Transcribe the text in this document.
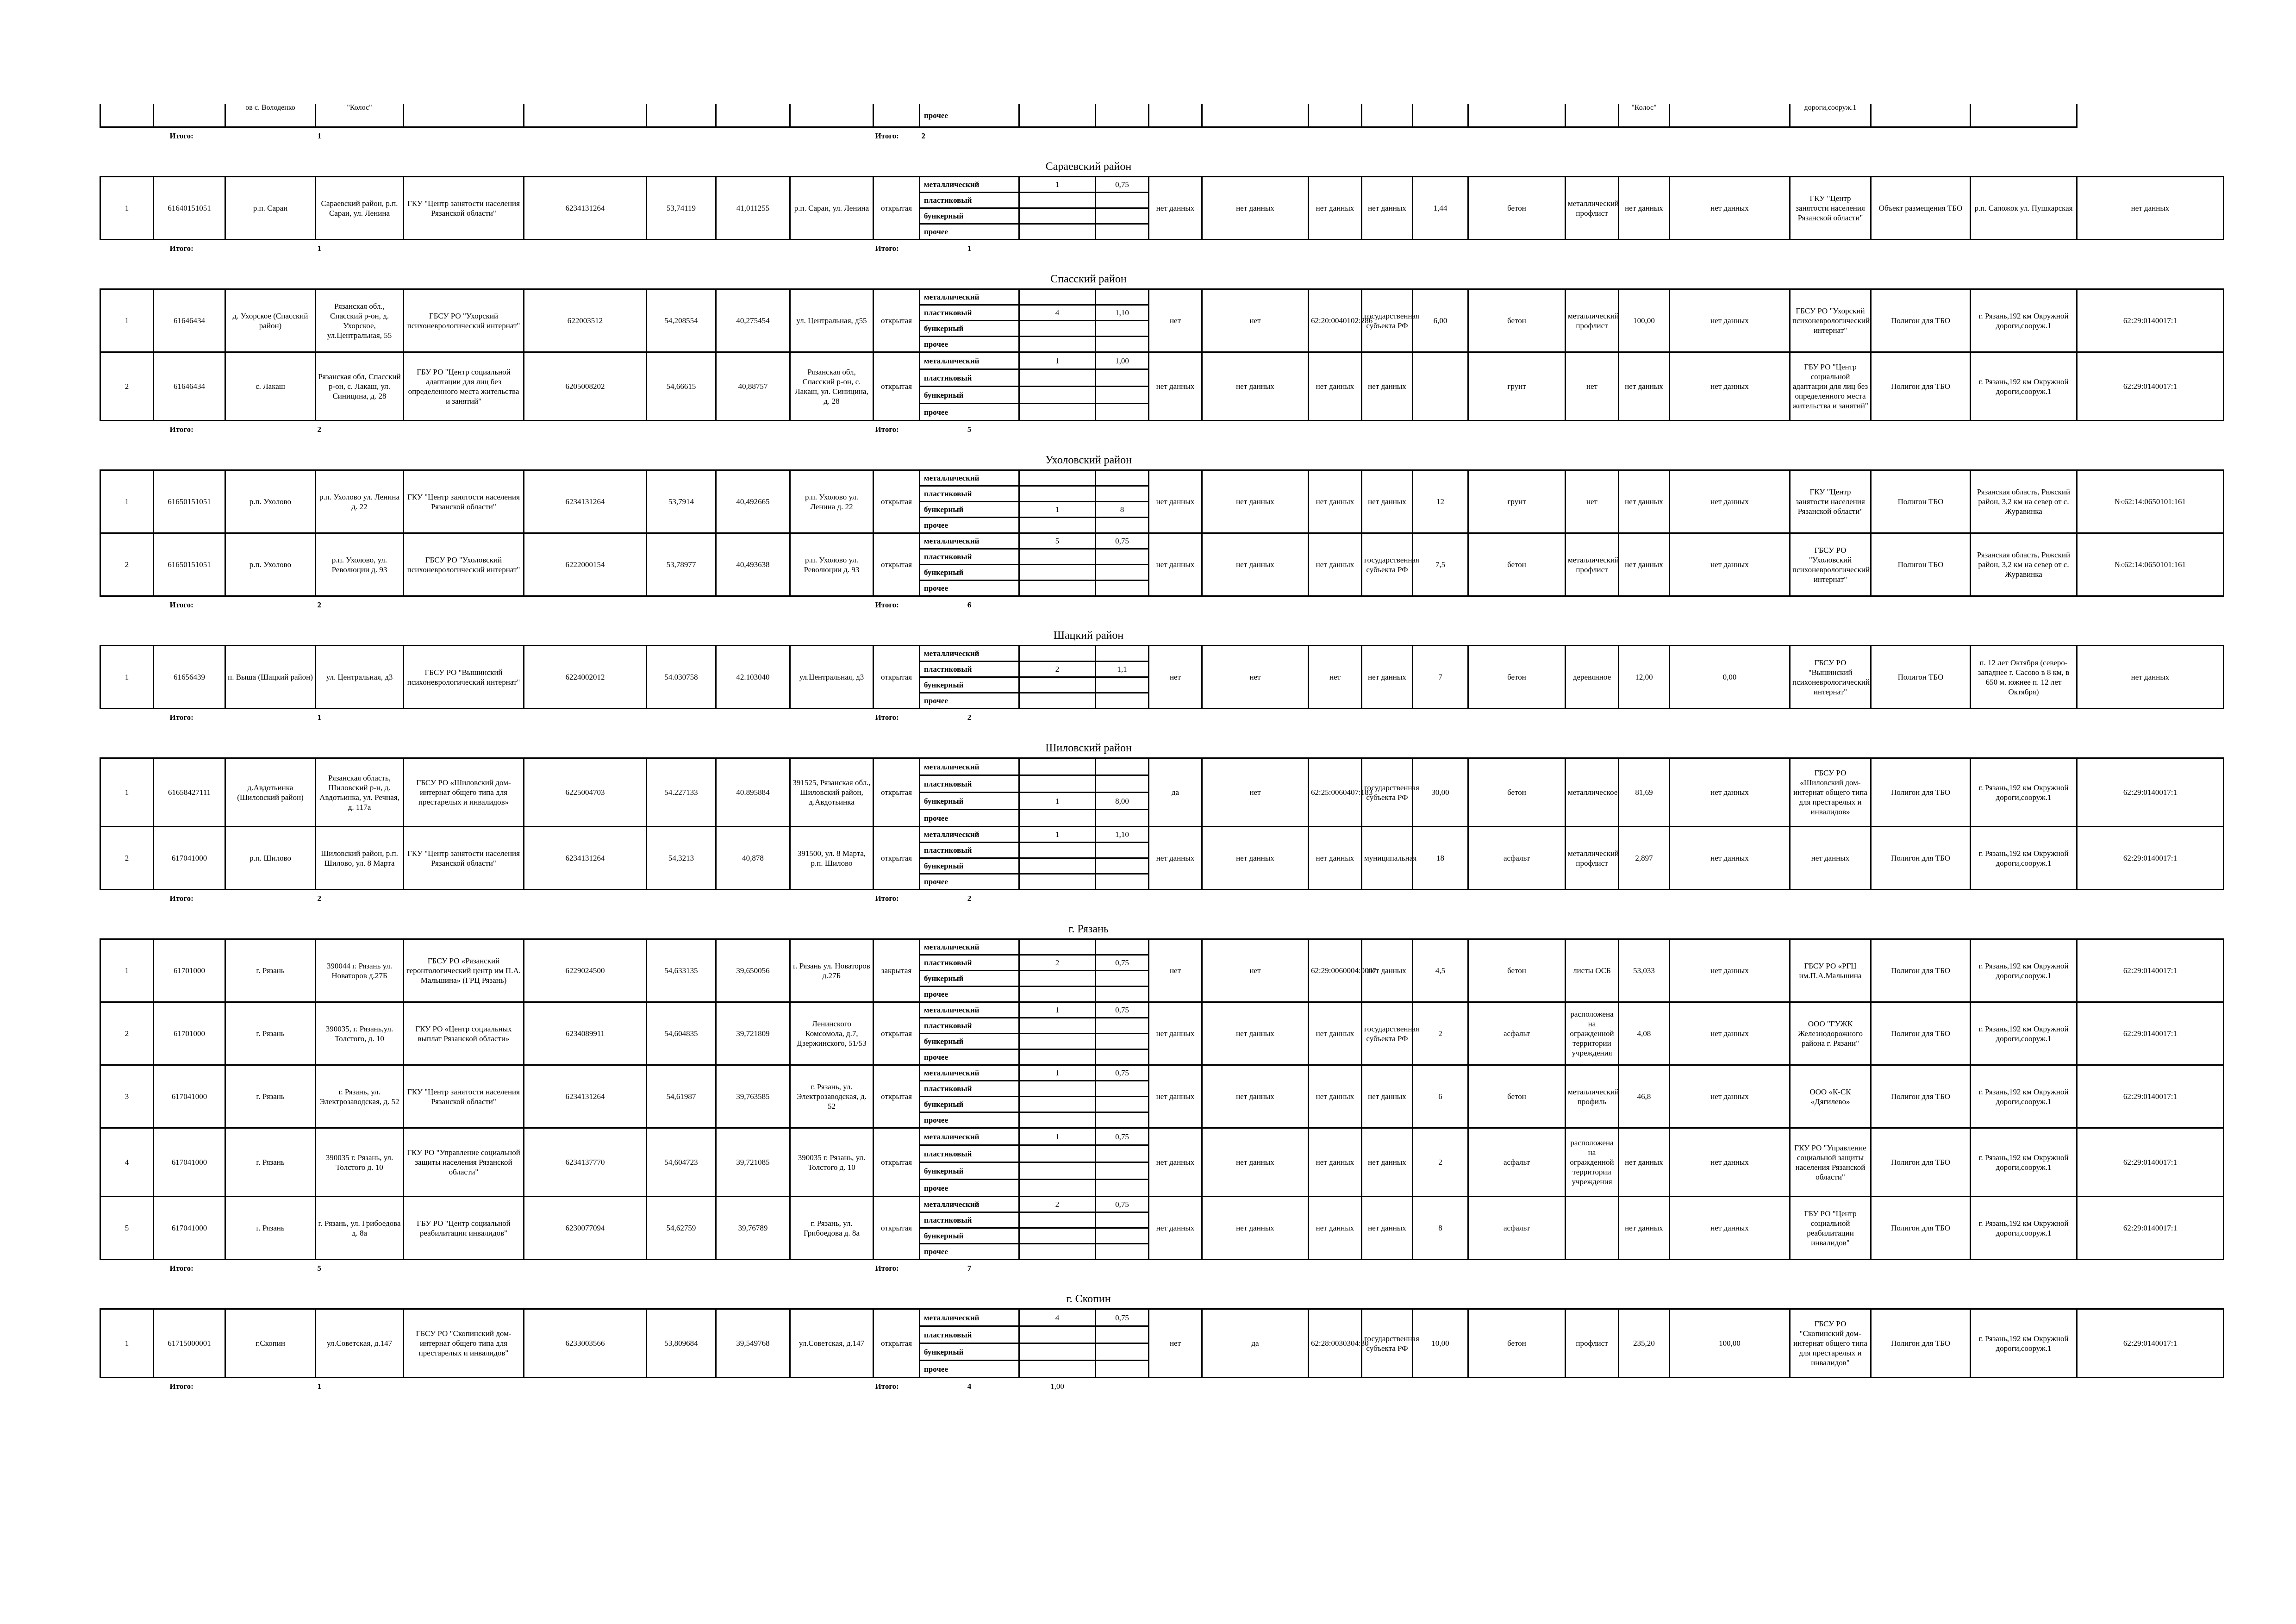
		ов с. Володенко	"Колос"							прочее										"Колос"		дороги,сооруж.1			
Итого:			1						Итого:	2															

Сараевский район																									
1	61640151051	р.п. Сараи	Сараевский район, р.п. Сараи, ул. Ленина	ГКУ "Центр занятости населения Рязанской области"	6234131264	53,74119	41,011255	р.п. Сараи, ул. Ленина	открытая	металлический	1	0,75	нет данных	нет данных	нет данных	нет данных	1,44	бетон	металлический профлист	нет данных	нет данных	ГКУ "Центр занятости населения Рязанской области"	Объект размещения ТБО	р.п. Сапожок ул. Пушкарская	нет данных
										пластиковый															
										бункерный															
										прочее															
Итого:			1						Итого:	1															

Спасский район																									
1	61646434	д. Ухорское (Спасский район)	Рязанская обл., Спасский р-он, д. Ухорское, ул.Центральная, 55	ГБСУ РО "Ухорский психоневрологический интернат"	622003512	54,208554	40,275454	ул. Центральная, д55	открытая	металлический			нет	нет	62:20:0040102:286	государственная субъекта РФ	6,00	бетон	металлический профлист	100,00	нет данных	ГБСУ РО "Ухорский психоневрологический интернат"	Полигон для ТБО	г. Рязань,192 км Окружной дороги,сооруж.1	62:29:0140017:1
										пластиковый	4	1,10													
										бункерный															
										прочее															
2	61646434	с. Лакаш	Рязанская обл, Спасский р-он, с. Лакаш, ул. Синицина, д. 28	ГБУ РО "Центр социальной адаптации для лиц без определенного места жительства и занятий"	6205008202	54,66615	40,88757	Рязанская обл, Спасский р-он, с. Лакаш, ул. Синицина, д. 28	открытая	металлический	1	1,00	нет данных	нет данных	нет данных	нет данных		грунт	нет	нет данных	нет данных	ГБУ РО "Центр социальной адаптации для лиц без определенного места жительства и занятий"	Полигон для ТБО	г. Рязань,192 км Окружной дороги,сооруж.1	62:29:0140017:1
										пластиковый															
										бункерный															
										прочее															
Итого:			2						Итого:	5															

Ухоловский район																									
1	61650151051	р.п. Ухолово	р.п. Ухолово ул. Ленина д. 22	ГКУ "Центр занятости населения Рязанской области"	6234131264	53,7914	40,492665	р.п. Ухолово ул. Ленина д. 22	открытая	металлический			нет данных	нет данных	нет данных	нет данных	12	грунт	нет	нет данных	нет данных	ГКУ "Центр занятости населения Рязанской области"	Полигон ТБО	Рязанская область, Ряжский район, 3,2 км на север от с. Журавинка	№:62:14:0650101:161
										пластиковый															
										бункерный	1	8													
										прочее															
2	61650151051	р.п. Ухолово	р.п. Ухолово, ул. Революции д. 93	ГБСУ РО "Ухоловский психоневрологический интернат"	6222000154	53,78977	40,493638	р.п. Ухолово ул. Революции д. 93	открытая	металлический	5	0,75	нет данных	нет данных	нет данных	государственная субъекта РФ	7,5	бетон	металлический профлист	нет данных	нет данных	ГБСУ РО "Ухоловский психоневрологический интернат"	Полигон ТБО	Рязанская область, Ряжский район, 3,2 км на север от с. Журавинка	№:62:14:0650101:161
										пластиковый															
										бункерный															
										прочее															
Итого:			2						Итого:	6															

Шацкий район																									
1	61656439	п. Выша (Шацкий район)	ул. Центральная, д3	ГБСУ РО "Вышинский психоневрологический интернат"	6224002012	54.030758	42.103040	ул.Центральная, д3	открытая	металлический			нет	нет	нет	нет данных	7	бетон	деревянное	12,00	0,00	ГБСУ РО "Вышинский психоневрологический интернат"	Полигон ТБО	п. 12 лет Октября (северо-западнее г. Сасово в 8 км, в 650 м. южнее п. 12 лет Октября)	нет данных
										пластиковый	2	1,1													
										бункерный															
										прочее															
Итого:			1						Итого:	2															

Шиловский район																									
1	61658427111	д.Авдотьинка (Шиловский район)	Рязанская область, Шиловский р-н, д. Авдотьинка, ул. Речная, д. 117а	ГБСУ РО «Шиловский дом-интернат общего типа для престарелых и инвалидов»	6225004703	54.227133	40.895884	391525, Рязанская обл., Шиловский район, д.Авдотьинка	открытая	металлический			да	нет	62:25:0060407:183	государственная субъекта РФ	30,00	бетон	металлическое	81,69	нет данных	ГБСУ РО «Шиловский дом-интернат общего типа для престарелых и инвалидов»	Полигон для ТБО	г. Рязань,192 км Окружной дороги,сооруж.1	62:29:0140017:1
										пластиковый															
										бункерный	1	8,00													
										прочее															
2	617041000	р.п. Шилово	Шиловский район, р.п. Шилово, ул. 8 Марта	ГКУ "Центр занятости населения Рязанской области"	6234131264	54,3213	40,878	391500, ул. 8 Марта, р.п. Шилово	открытая	металлический	1	1,10	нет данных	нет данных	нет данных	муниципальная	18	асфальт	металлический профлист	2,897	нет данных	нет данных	Полигон для ТБО	г. Рязань,192 км Окружной дороги,сооруж.1	62:29:0140017:1
										пластиковый															
										бункерный															
										прочее															
Итого:			2						Итого:	2															

г. Рязань																									
1	61701000	г. Рязань	390044 г. Рязань ул. Новаторов д.27Б	ГБСУ РО «Рязанский геронтологический центр им П.А. Мальшина» (ГРЦ Рязань)	6229024500	54,633135	39,650056	г. Рязань ул. Новаторов д.27Б	закрытая	металлический			нет	нет	62:29:0060004:0007	нет данных	4,5	бетон	листы ОСБ	53,033	нет данных	ГБСУ РО «РГЦ им.П.А.Мальшина	Полигон для ТБО	г. Рязань,192 км Окружной дороги,сооруж.1	62:29:0140017:1
										пластиковый	2	0,75													
										бункерный															
										прочее															
2	61701000	г. Рязань	390035, г. Рязань,ул. Толстого, д. 10	ГКУ РО «Центр социальных выплат Рязанской области»	6234089911	54,604835	39,721809	Ленинского Комсомола, д.7, Дзержинского, 51/53	открытая	металлический	1	0,75	нет данных	нет данных	нет данных	государственная субъекта РФ	2	асфальт	расположена на огражденной территории учреждения	4,08	нет данных	ООО "ГУЖК Железнодорожного района г. Рязани"	Полигон для ТБО	г. Рязань,192 км Окружной дороги,сооруж.1	62:29:0140017:1
										пластиковый															
										бункерный															
										прочее															
3	617041000	г. Рязань	г. Рязань, ул. Электрозаводская, д. 52	ГКУ "Центр занятости населения Рязанской области"	6234131264	54,61987	39,763585	г. Рязань, ул. Электрозаводская, д. 52	открытая	металлический	1	0,75	нет данных	нет данных	нет данных	нет данных	6	бетон	металлический профиль	46,8	нет данных	ООО «К-СК «Дягилево»	Полигон для ТБО	г. Рязань,192 км Окружной дороги,сооруж.1	62:29:0140017:1
										пластиковый															
										бункерный															
										прочее															
4	617041000	г. Рязань	390035 г. Рязань, ул. Толстого д. 10	ГКУ РО "Управление социальной защиты населения Рязанской области"	6234137770	54,604723	39,721085	390035 г. Рязань, ул. Толстого д. 10	открытая	металлический	1	0,75	нет данных	нет данных	нет данных	нет данных	2	асфальт	расположена на огражденной территории учреждения	нет данных	нет данных	ГКУ РО "Управление социальной защиты населения Рязанской области"	Полигон для ТБО	г. Рязань,192 км Окружной дороги,сооруж.1	62:29:0140017:1
										пластиковый															
										бункерный															
										прочее															
5	617041000	г. Рязань	г. Рязань, ул. Грибоедова д. 8а	ГБУ РО "Центр социальной реабилитации инвалидов"	6230077094	54,62759	39,76789	г. Рязань, ул. Грибоедова д. 8а	открытая	металлический	2	0,75	нет данных	нет данных	нет данных	нет данных	8	асфальт		нет данных	нет данных	ГБУ РО "Центр социальной реабилитации инвалидов"	Полигон для ТБО	г. Рязань,192 км Окружной дороги,сооруж.1	62:29:0140017:1
										пластиковый															
										бункерный															
										прочее															
Итого:			5						Итого:	7															

г. Скопин																									
1	61715000001	г.Скопин	ул.Советская, д.147	ГБСУ РО "Скопинский дом-интернат общего типа для престарелых и инвалидов"	6233003566	53,809684	39,549768	ул.Советская, д.147	открытая	металлический	4	0,75	нет	да	62:28:0030304:30	государственная субъекта РФ	10,00	бетон	профлист	235,20	100,00	ГБСУ РО "Скопинский дом-интернат общего типа для престарелых и инвалидов"	Полигон для ТБО	г. Рязань,192 км Окружной дороги,сооруж.1	62:29:0140017:1
										пластиковый															
										бункерный															
										прочее															
Итого:			1						Итого:	4	1,00														
